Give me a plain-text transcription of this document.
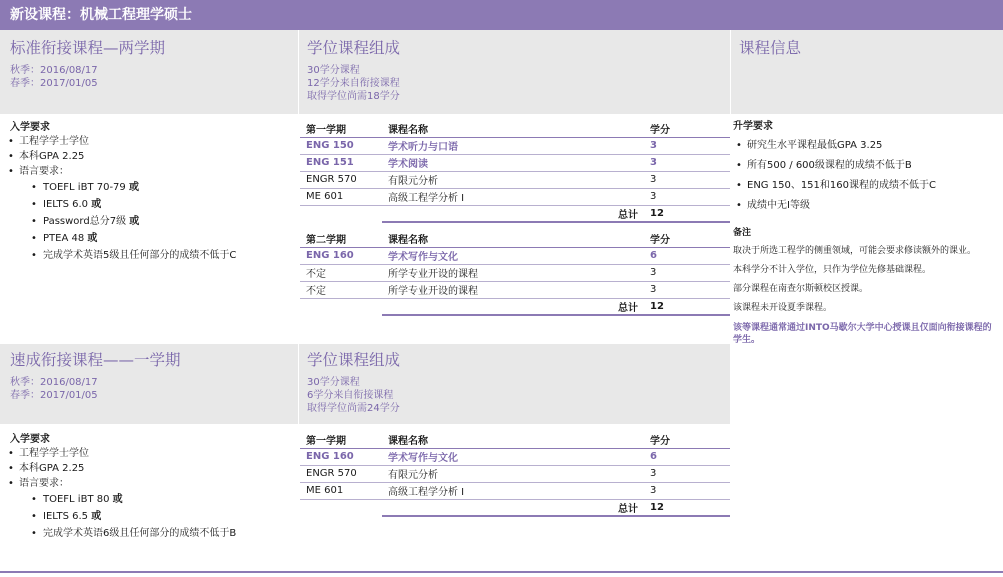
新设课程：机械工程理学硕士
标准衔接课程—两学期
秋季：2016/08/17
春季：2017/01/05
学位课程组成
30学分课程
12学分来自衔接课程
取得学位尚需18学分
课程信息
入学要求
• 工程学学士学位
• 本科GPA 2.25
• 语言要求：
• TOEFL iBT 70-79 或
• IELTS 6.0 或
• Password总分7级 或
• PTEA 48 或
• 完成学术英语5级且任何部分的成绩不低于C
第一学期	课程名称	学分
ENG 150	学术听力与口语	3
ENG 151	学术阅读	3
ENGR 570	有限元分析	3
ME 601	高级工程学分析 I	3
	总计	12
第二学期	课程名称	学分
ENG 160	学术写作与文化	6
不定	所学专业开设的课程	3
不定	所学专业开设的课程	3
	总计	12
速成衔接课程——一学期
秋季：2016/08/17
春季：2017/01/05
学位课程组成
30学分课程
6学分来自衔接课程
取得学位尚需24学分
入学要求
• 工程学学士学位
• 本科GPA 2.25
• 语言要求：
• TOEFL iBT 80 或
• IELTS 6.5 或
• 完成学术英语6级且任何部分的成绩不低于B
第一学期	课程名称	学分
ENG 160	学术写作与文化	6
ENGR 570	有限元分析	3
ME 601	高级工程学分析 I	3
	总计	12
升学要求
• 研究生水平课程最低GPA 3.25
• 所有500 / 600级课程的成绩不低于B
• ENG 150、151和160课程的成绩不低于C
• 成绩中无I等级
备注
取决于所选工程学的侧重领域，可能会要求修读额外的课业。
本科学分不计入学位，只作为学位先修基础课程。
部分课程在南查尔斯顿校区授课。
该课程未开设夏季课程。
该等课程通常通过INTO马歇尔大学中心授课且仅面向衔接课程的学生。
